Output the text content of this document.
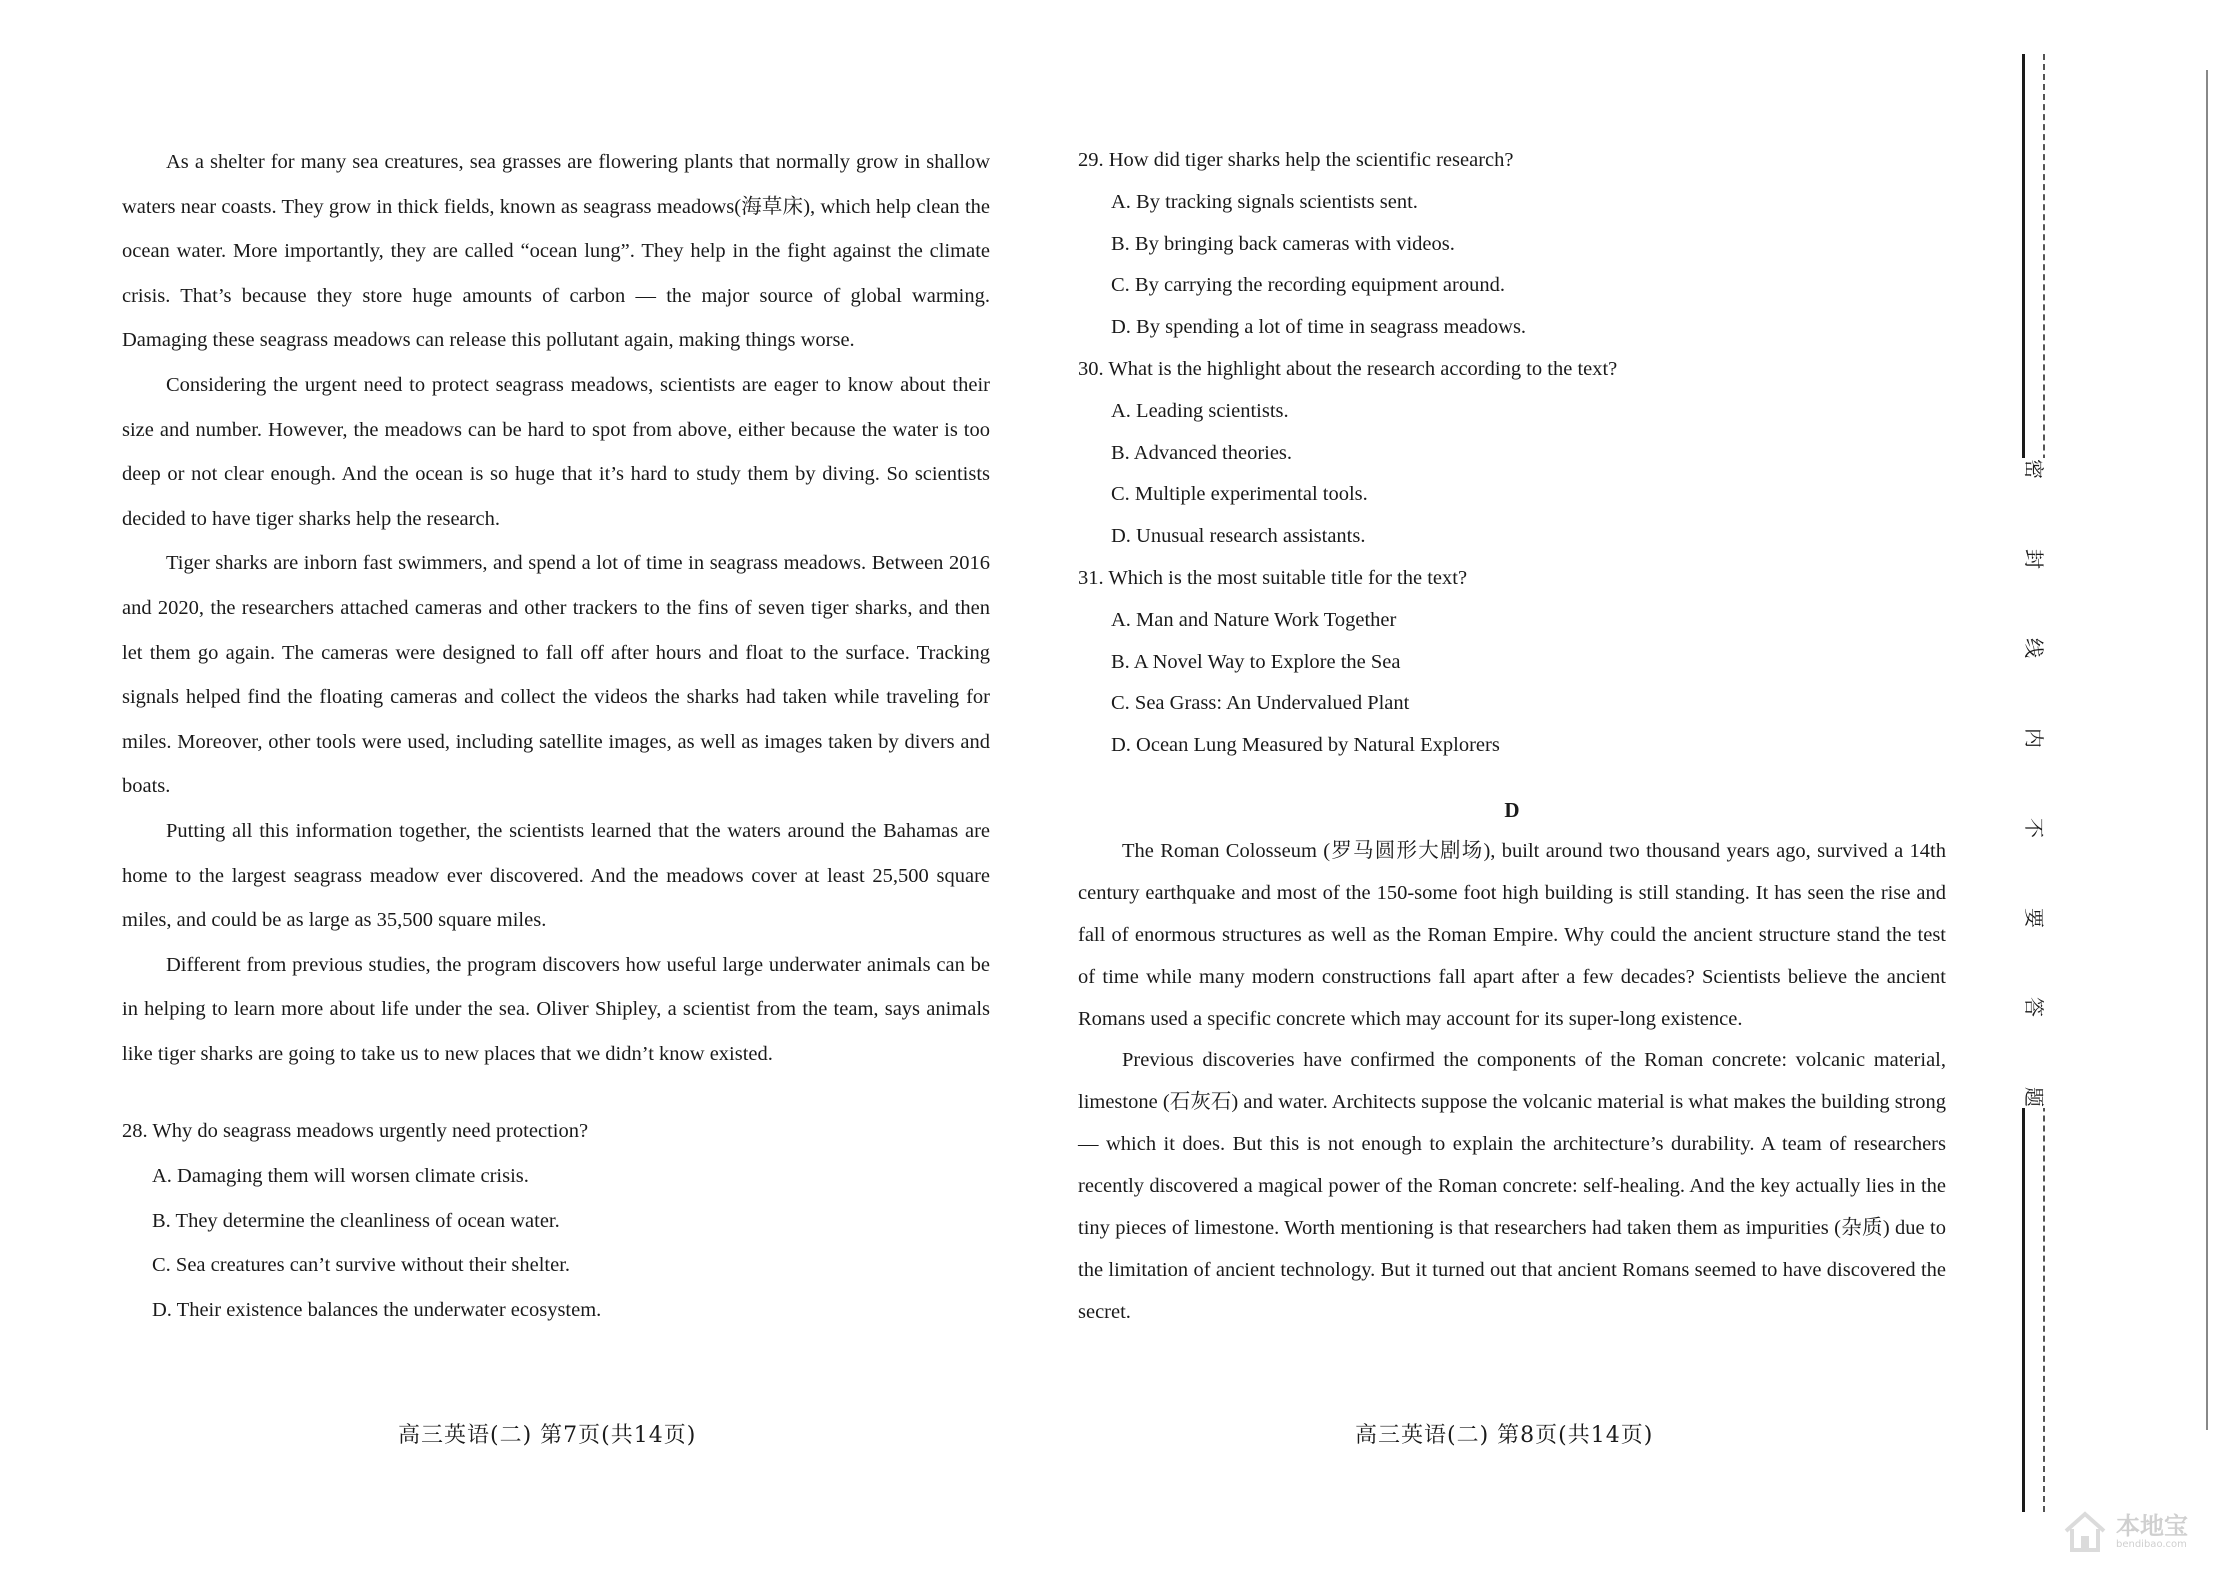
As a shelter for many sea creatures, sea grasses are flowering plants that normally grow in shallow waters near coasts. They grow in thick fields, known as seagrass meadows(海草床), which help clean the ocean water. More importantly, they are called “ocean lung”. They help in the fight against the climate crisis. That’s because they store huge amounts of carbon — the major source of global warming. Damaging these seagrass meadows can release this pollutant again, making things worse.

Considering the urgent need to protect seagrass meadows, scientists are eager to know about their size and number. However, the meadows can be hard to spot from above, either because the water is too deep or not clear enough. And the ocean is so huge that it’s hard to study them by diving. So scientists decided to have tiger sharks help the research.

Tiger sharks are inborn fast swimmers, and spend a lot of time in seagrass meadows. Between 2016 and 2020, the researchers attached cameras and other trackers to the fins of seven tiger sharks, and then let them go again. The cameras were designed to fall off after hours and float to the surface. Tracking signals helped find the floating cameras and collect the videos the sharks had taken while traveling for miles. Moreover, other tools were used, including satellite images, as well as images taken by divers and boats.

Putting all this information together, the scientists learned that the waters around the Bahamas are home to the largest seagrass meadow ever discovered. And the meadows cover at least 25,500 square miles, and could be as large as 35,500 square miles.

Different from previous studies, the program discovers how useful large underwater animals can be in helping to learn more about life under the sea. Oliver Shipley, a scientist from the team, says animals like tiger sharks are going to take us to new places that we didn’t know existed.

28. Why do seagrass meadows urgently need protection?

A. Damaging them will worsen climate crisis.

B. They determine the cleanliness of ocean water.

C. Sea creatures can’t survive without their shelter.

D. Their existence balances the underwater ecosystem.

高三英语(二) 第7页(共14页)

29. How did tiger sharks help the scientific research?

A. By tracking signals scientists sent.

B. By bringing back cameras with videos.

C. By carrying the recording equipment around.

D. By spending a lot of time in seagrass meadows.

30. What is the highlight about the research according to the text?

A. Leading scientists.

B. Advanced theories.

C. Multiple experimental tools.

D. Unusual research assistants.

31. Which is the most suitable title for the text?

A. Man and Nature Work Together

B. A Novel Way to Explore the Sea

C. Sea Grass: An Undervalued Plant

D. Ocean Lung Measured by Natural Explorers

D

The Roman Colosseum (罗马圆形大剧场), built around two thousand years ago, survived a 14th century earthquake and most of the 150-some foot high building is still standing. It has seen the rise and fall of enormous structures as well as the Roman Empire. Why could the ancient structure stand the test of time while many modern constructions fall apart after a few decades? Scientists believe the ancient Romans used a specific concrete which may account for its super-long existence.

Previous discoveries have confirmed the components of the Roman concrete: volcanic material, limestone (石灰石) and water. Architects suppose the volcanic material is what makes the building strong — which it does. But this is not enough to explain the architecture’s durability. A team of researchers recently discovered a magical power of the Roman concrete: self-healing. And the key actually lies in the tiny pieces of limestone. Worth mentioning is that researchers had taken them as impurities (杂质) due to the limitation of ancient technology. But it turned out that ancient Romans seemed to have discovered the secret.

高三英语(二) 第8页(共14页)
密
封
线
内
不
要
答
题
本地宝
bendibao.com
